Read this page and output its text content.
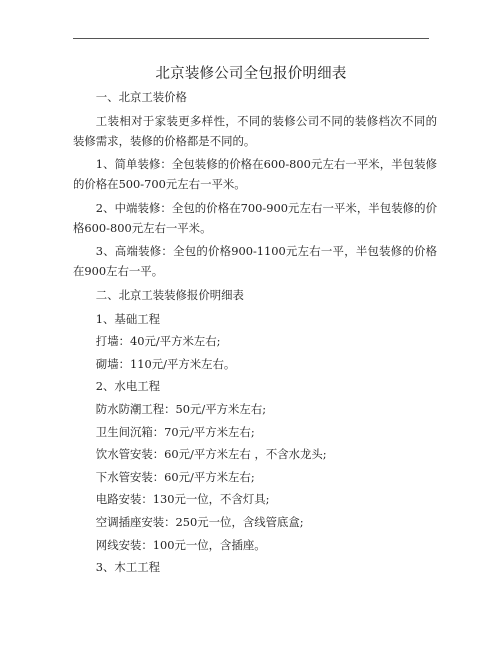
北京装修公司全包报价明细表

一、北京工装价格

工装相对于家装更多样性，不同的装修公司不同的装修档次不同的装修需求，装修的价格都是不同的。

1、简单装修：全包装修的价格在600-800元左右一平米，半包装修的价格在500-700元左右一平米。

2、中端装修：全包的价格在700-900元左右一平米，半包装修的价格600-800元左右一平米。

3、高端装修：全包的价格900-1100元左右一平，半包装修的价格在900左右一平。

二、北京工装装修报价明细表

1、基础工程

打墙：40元/平方米左右;

砌墙：110元/平方米左右。

2、水电工程

防水防潮工程：50元/平方米左右;

卫生间沉箱：70元/平方米左右;

饮水管安装：60元/平方米左右 ，不含水龙头;

下水管安装：60元/平方米左右;

电路安装：130元一位，不含灯具;

空调插座安装：250元一位，含线管底盒;

网线安装：100元一位，含插座。

3、木工工程
